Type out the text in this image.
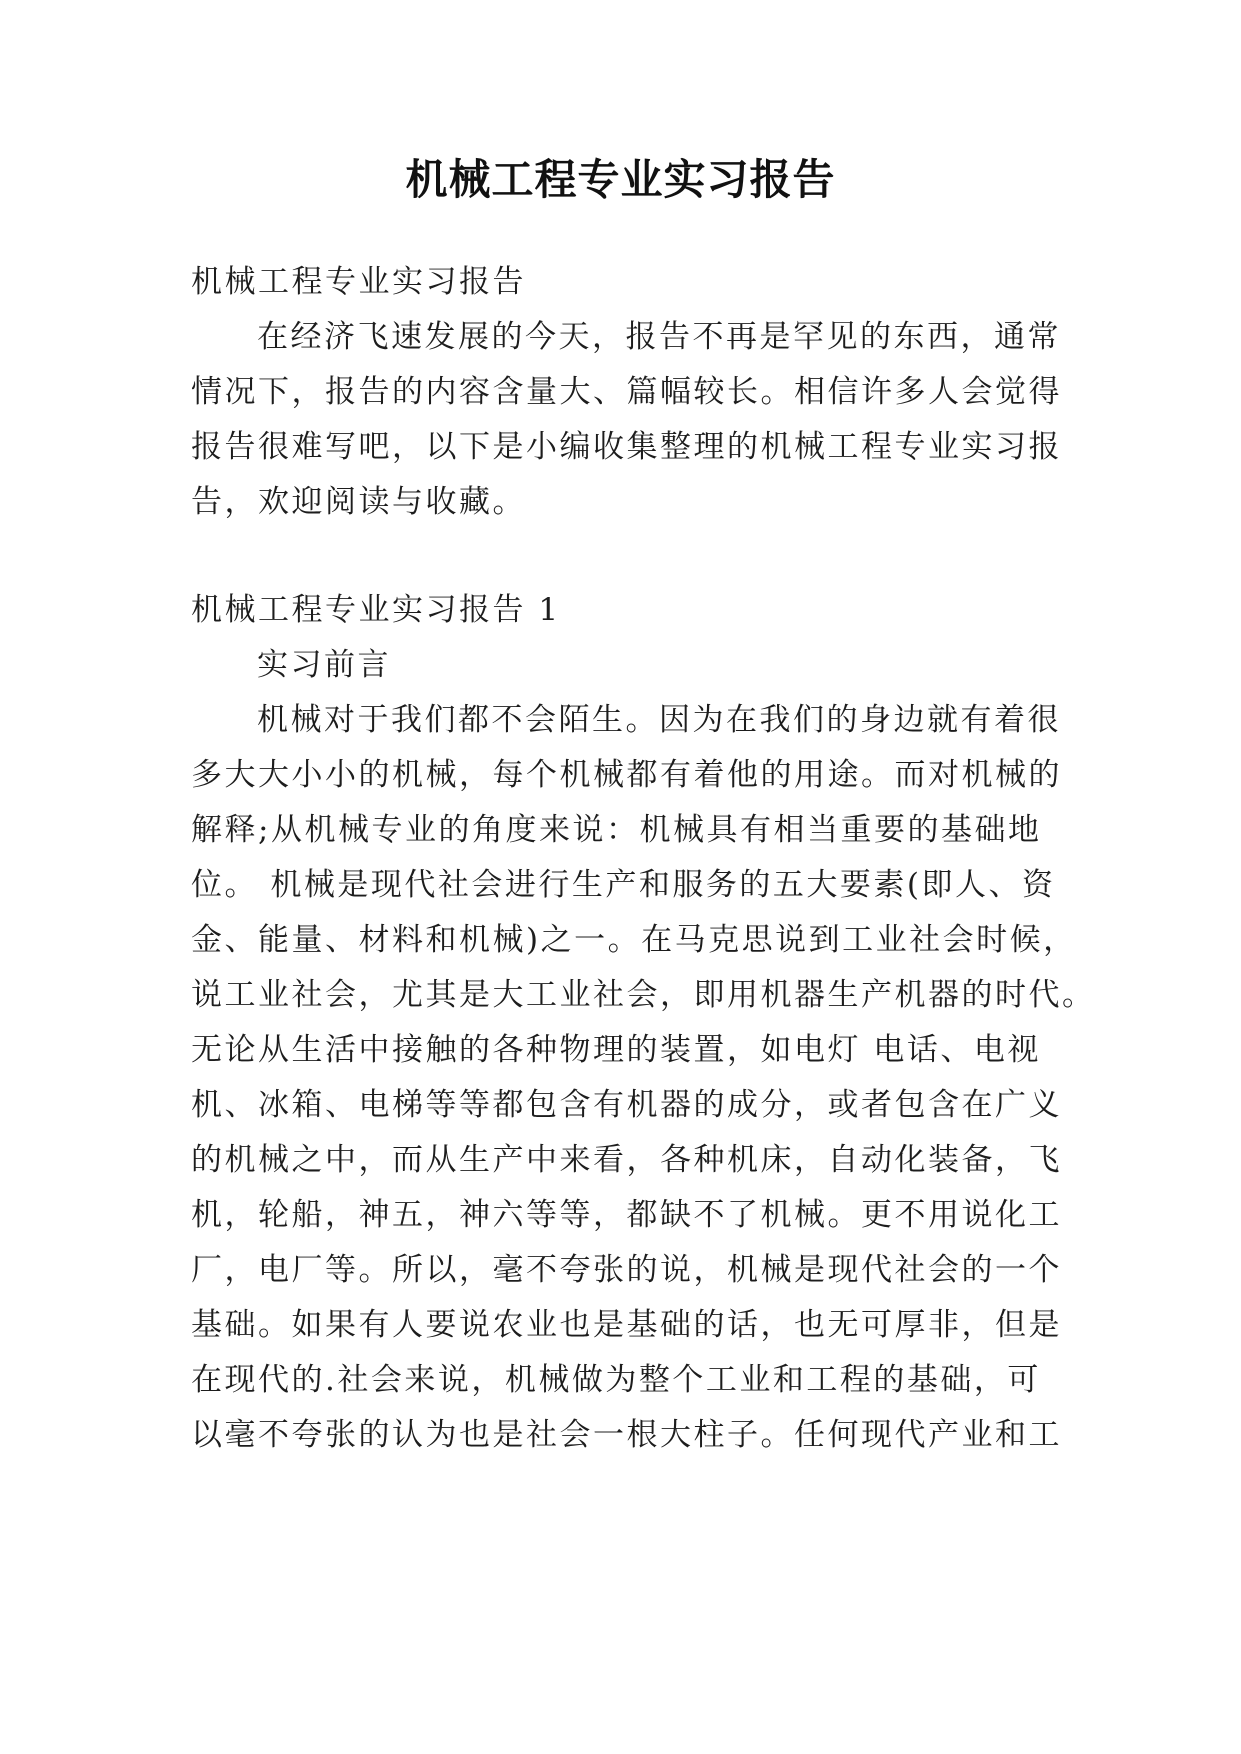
机械工程专业实习报告
机械工程专业实习报告
在经济飞速发展的今天，报告不再是罕见的东西，通常
情况下，报告的内容含量大、篇幅较长。相信许多人会觉得
报告很难写吧，以下是小编收集整理的机械工程专业实习报
告，欢迎阅读与收藏。
机械工程专业实习报告 1
实习前言
机械对于我们都不会陌生。因为在我们的身边就有着很
多大大小小的机械，每个机械都有着他的用途。而对机械的
解释;从机械专业的角度来说：机械具有相当重要的基础地
位。 机械是现代社会进行生产和服务的五大要素(即人、资
金、能量、材料和机械)之一。在马克思说到工业社会时候，
说工业社会，尤其是大工业社会，即用机器生产机器的时代。
无论从生活中接触的各种物理的装置，如电灯 电话、电视
机、冰箱、电梯等等都包含有机器的成分，或者包含在广义
的机械之中，而从生产中来看，各种机床，自动化装备，飞
机，轮船，神五，神六等等，都缺不了机械。更不用说化工
厂，电厂等。所以，毫不夸张的说，机械是现代社会的一个
基础。如果有人要说农业也是基础的话，也无可厚非，但是
在现代的.社会来说，机械做为整个工业和工程的基础，可
以毫不夸张的认为也是社会一根大柱子。任何现代产业和工
